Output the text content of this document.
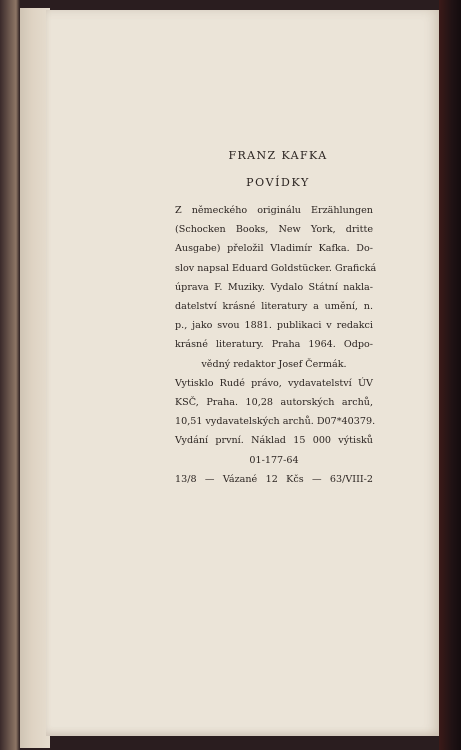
FRANZ KAFKA
POVÍDKY
Z německého originálu Erzählungen
(Schocken Books, New York, dritte
Ausgabe) přeložil Vladimír Kafka. Do-
slov napsal Eduard Goldstücker. Grafická
úprava F. Muziky. Vydalo Státní nakla-
datelství krásné literatury a umění, n.
p., jako svou 1881. publikaci v redakci
krásné literatury. Praha 1964. Odpo-
vědný redaktor Josef Čermák.
Vytisklo Rudé právo, vydavatelství ÚV
KSČ, Praha. 10,28 autorských archů,
10,51 vydavatelských archů. D07*40379.
Vydání první. Náklad 15 000 výtisků
01-177-64
13/8 — Vázané 12 Kčs — 63/VIII-2
